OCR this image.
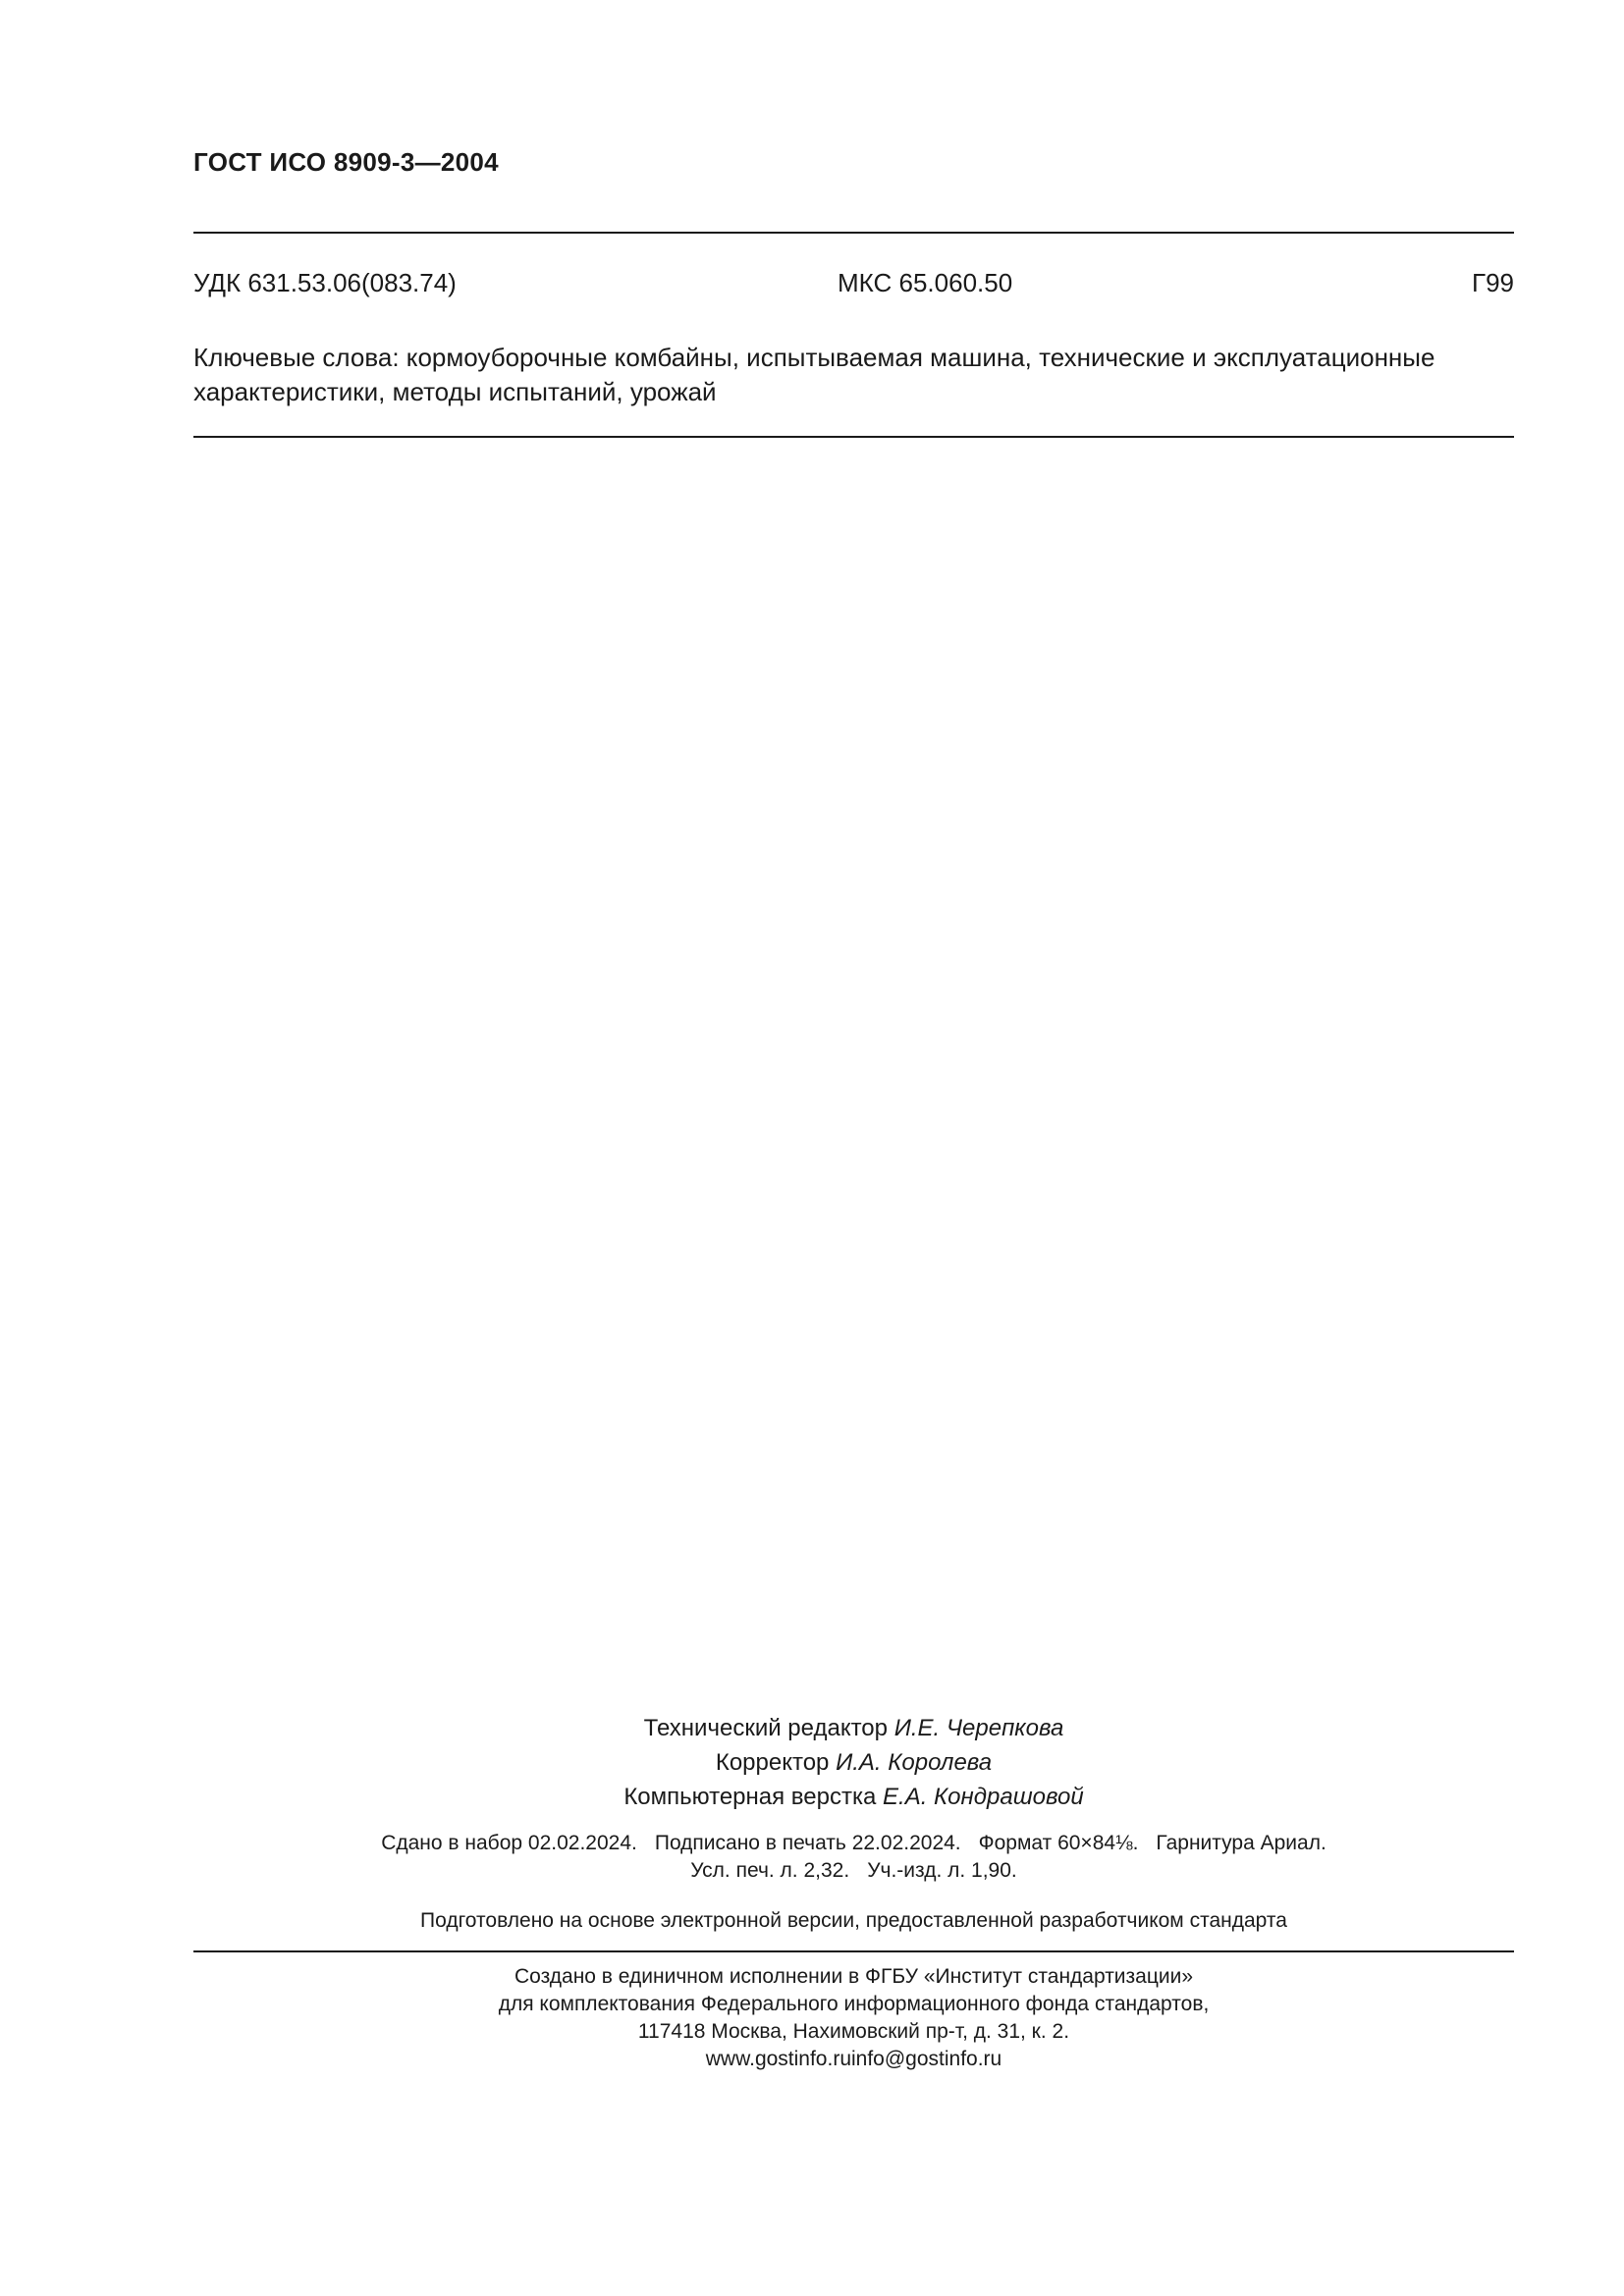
ГОСТ ИСО 8909-3—2004
УДК 631.53.06(083.74)	МКС 65.060.50	Г99
Ключевые слова: кормоуборочные комбайны, испытываемая машина, технические и эксплуатационные характеристики, методы испытаний, урожай
Технический редактор И.Е. Черепкова
Корректор И.А. Королева
Компьютерная верстка Е.А. Кондрашовой
Сдано в набор 02.02.2024. Подписано в печать 22.02.2024. Формат 60×84⅛. Гарнитура Ариал.
Усл. печ. л. 2,32. Уч.-изд. л. 1,90.
Подготовлено на основе электронной версии, предоставленной разработчиком стандарта
Создано в единичном исполнении в ФГБУ «Институт стандартизации»
для комплектования Федерального информационного фонда стандартов,
117418 Москва, Нахимовский пр-т, д. 31, к. 2.
www.gostinfo.ruinfo@gostinfo.ru
